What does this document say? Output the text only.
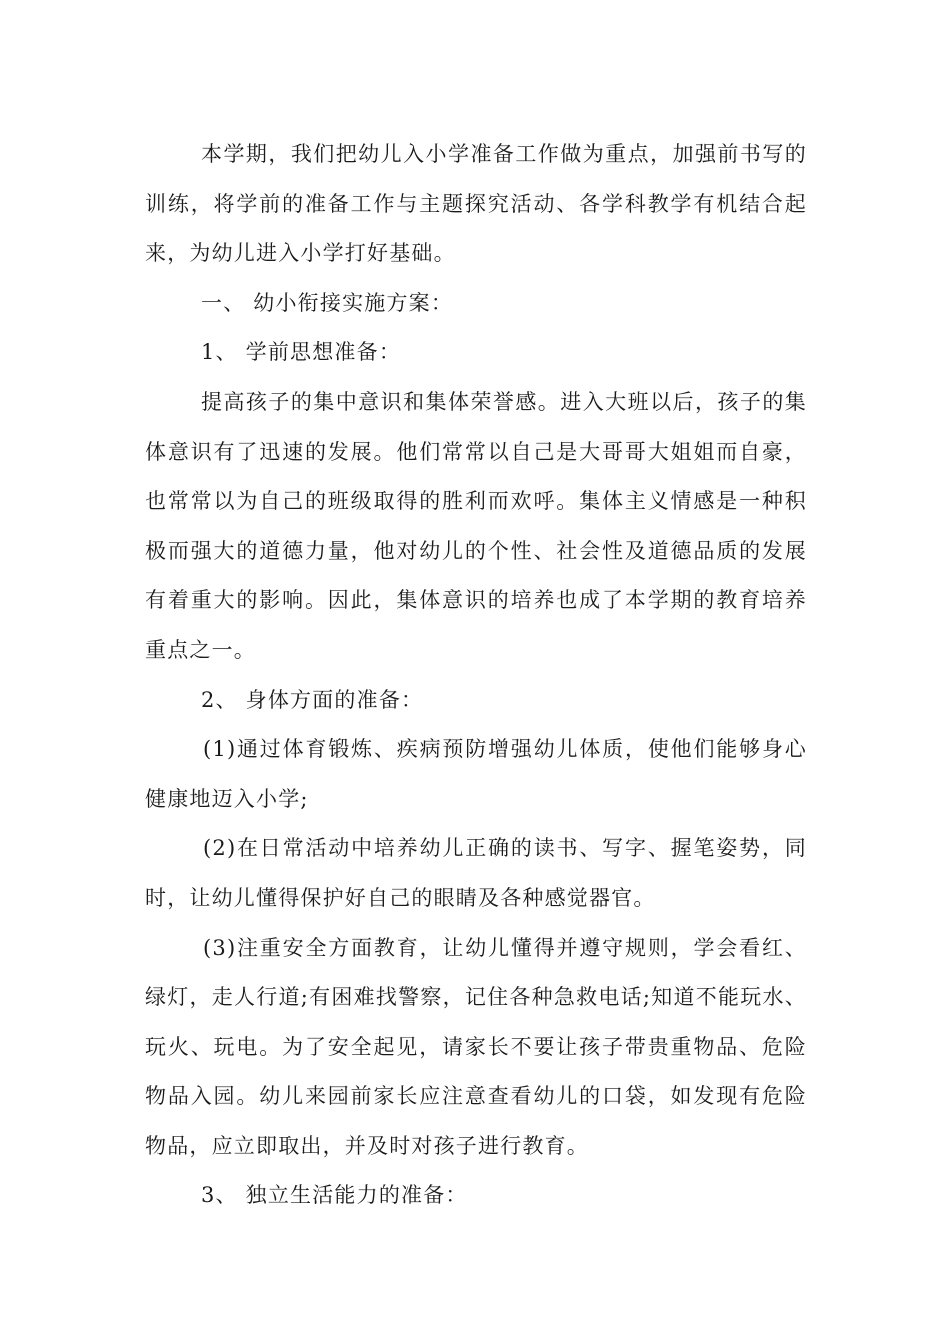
本学期，我们把幼儿入小学准备工作做为重点，加强前书写的训练，将学前的准备工作与主题探究活动、各学科教学有机结合起来，为幼儿进入小学打好基础。

一、 幼小衔接实施方案：

1、 学前思想准备：

提高孩子的集中意识和集体荣誉感。进入大班以后，孩子的集体意识有了迅速的发展。他们常常以自己是大哥哥大姐姐而自豪，也常常以为自己的班级取得的胜利而欢呼。集体主义情感是一种积极而强大的道德力量，他对幼儿的个性、社会性及道德品质的发展有着重大的影响。因此，集体意识的培养也成了本学期的教育培养重点之一。

2、 身体方面的准备：

(1)通过体育锻炼、疾病预防增强幼儿体质，使他们能够身心健康地迈入小学;

(2)在日常活动中培养幼儿正确的读书、写字、握笔姿势，同时，让幼儿懂得保护好自己的眼睛及各种感觉器官。

(3)注重安全方面教育，让幼儿懂得并遵守规则，学会看红、绿灯，走人行道;有困难找警察，记住各种急救电话;知道不能玩水、玩火、玩电。为了安全起见，请家长不要让孩子带贵重物品、危险物品入园。幼儿来园前家长应注意查看幼儿的口袋，如发现有危险物品，应立即取出，并及时对孩子进行教育。

3、 独立生活能力的准备：
